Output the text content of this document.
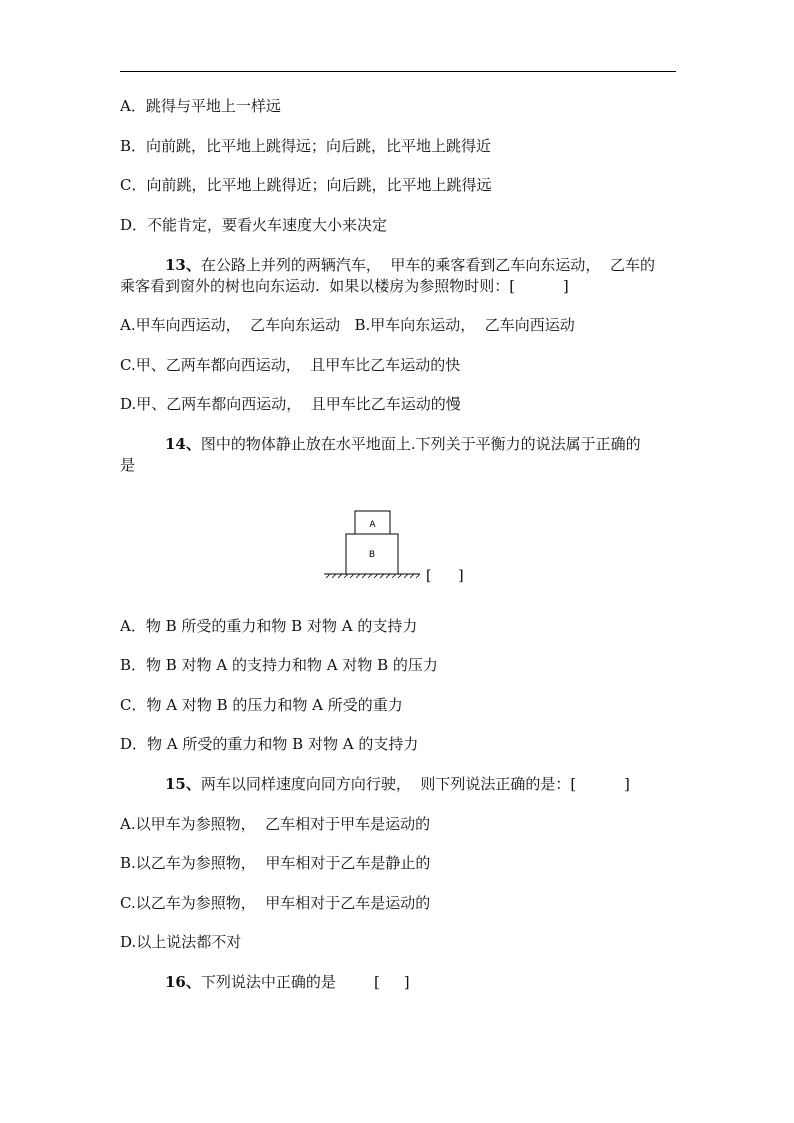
A．跳得与平地上一样远
B．向前跳，比平地上跳得远；向后跳，比平地上跳得近
C．向前跳，比平地上跳得近；向后跳，比平地上跳得远
D．不能肯定，要看火车速度大小来决定
13、在公路上并列的两辆汽车，  甲车的乘客看到乙车向东运动，  乙车的
乘客看到窗外的树也向东运动.  如果以楼房为参照物时则：[          ]
A.甲车向西运动，  乙车向东运动   B.甲车向东运动，  乙车向西运动
C.甲、乙两车都向西运动，  且甲车比乙车运动的快
D.甲、乙两车都向西运动，  且甲车比乙车运动的慢
14、图中的物体静止放在水平地面上.下列关于平衡力的说法属于正确的
是
A
B
[      ]
A．物 B 所受的重力和物 B 对物 A 的支持力
B．物 B 对物 A 的支持力和物 A 对物 B 的压力
C．物 A 对物 B 的压力和物 A 所受的重力
D．物 A 所受的重力和物 B 对物 A 的支持力
15、两车以同样速度向同方向行驶，  则下列说法正确的是：[          ]
A.以甲车为参照物，  乙车相对于甲车是运动的
B.以乙车为参照物，  甲车相对于乙车是静止的
C.以乙车为参照物，  甲车相对于乙车是运动的
D.以上说法都不对
16、下列说法中正确的是        [     ]
